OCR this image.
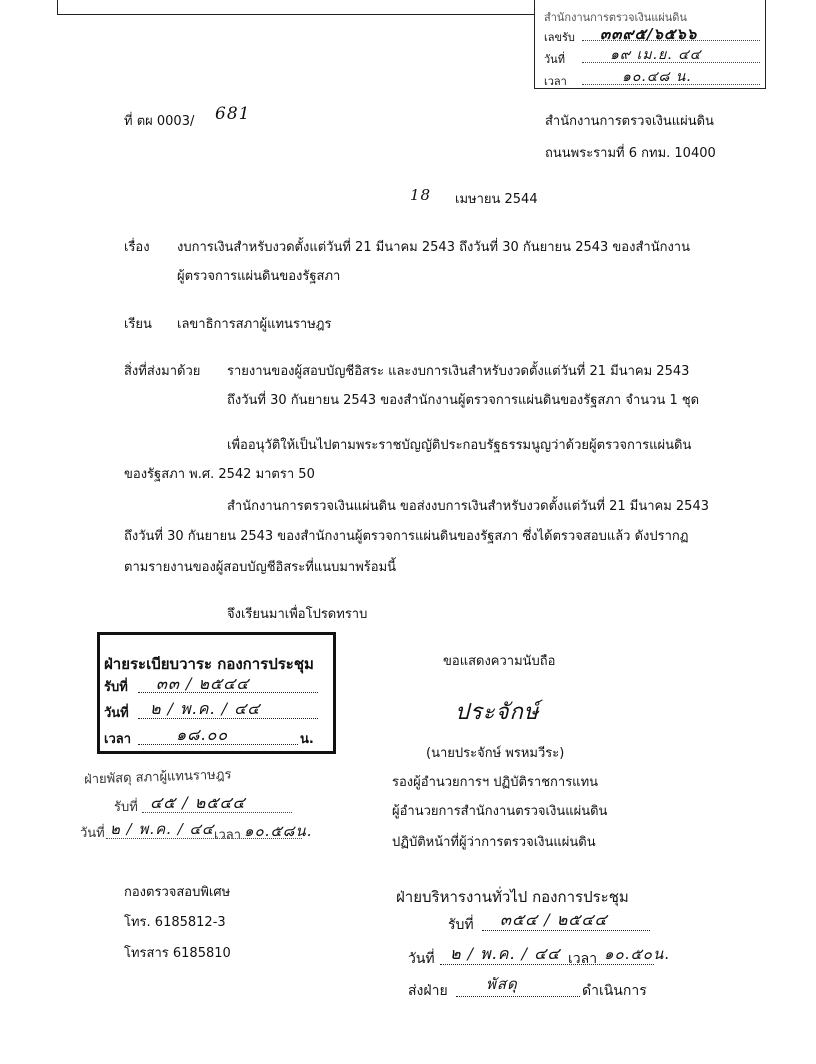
สำนักงานการตรวจเงินแผ่นดิน
เลขรับ ๓๓๙๕/๖๕๖๖
วันที่	๑๙ เม.ย. ๔๔
เวลา	๑๐.๔๘ น.
ที่ ตผ 0003/ 681	สำนักงานการตรวจเงินแผ่นดิน
ถนนพระรามที่ 6 กทม. 10400
18 เมษายน 2544
เรื่อง งบการเงินสำหรับงวดตั้งแต่วันที่ 21 มีนาคม 2543 ถึงวันที่ 30 กันยายน 2543 ของสำนักงาน
ผู้ตรวจการแผ่นดินของรัฐสภา
เรียน เลขาธิการสภาผู้แทนราษฎร
สิ่งที่ส่งมาด้วย รายงานของผู้สอบบัญชีอิสระ และงบการเงินสำหรับงวดตั้งแต่วันที่ 21 มีนาคม 2543
ถึงวันที่ 30 กันยายน 2543 ของสำนักงานผู้ตรวจการแผ่นดินของรัฐสภา จำนวน 1 ชุด
เพื่ออนุวัติให้เป็นไปตามพระราชบัญญัติประกอบรัฐธรรมนูญว่าด้วยผู้ตรวจการแผ่นดิน
ของรัฐสภา พ.ศ. 2542 มาตรา 50
สำนักงานการตรวจเงินแผ่นดิน ขอส่งงบการเงินสำหรับงวดตั้งแต่วันที่ 21 มีนาคม 2543
ถึงวันที่ 30 กันยายน 2543 ของสำนักงานผู้ตรวจการแผ่นดินของรัฐสภา ซึ่งได้ตรวจสอบแล้ว ดังปรากฏ
ตามรายงานของผู้สอบบัญชีอิสระที่แนบมาพร้อมนี้
จึงเรียนมาเพื่อโปรดทราบ
ขอแสดงความนับถือ
ประจักษ์
(นายประจักษ์ พรหมวีระ)
รองผู้อำนวยการฯ ปฏิบัติราชการแทน
ผู้อำนวยการสำนักงานตรวจเงินแผ่นดิน
ปฏิบัติหน้าที่ผู้ว่าการตรวจเงินแผ่นดิน
ฝ่ายระเบียบวาระ กองการประชุม
รับที่ ๓๓ / ๒๕๔๔
วันที่ ๒ / พ.ค. / ๔๔
เวลา	๑๘.๐๐	น.
ฝ่ายพัสดุ สภาผู้แทนราษฎร
รับที่ ๔๕ / ๒๕๔๔
วันที่ ๒ / พ.ค. / ๔๔ เวลา ๑๐.๕๘น.
กองตรวจสอบพิเศษ
โทร. 6185812-3
โทรสาร 6185810
ฝ่ายบริหารงานทั่วไป กองการประชุม
รับที่ ๓๕๔ / ๒๕๔๔
วันที่ ๒ / พ.ค. / ๔๔ เวลา ๑๐.๕๐น.
ส่งฝ่าย	พัสดุ	ดำเนินการ
